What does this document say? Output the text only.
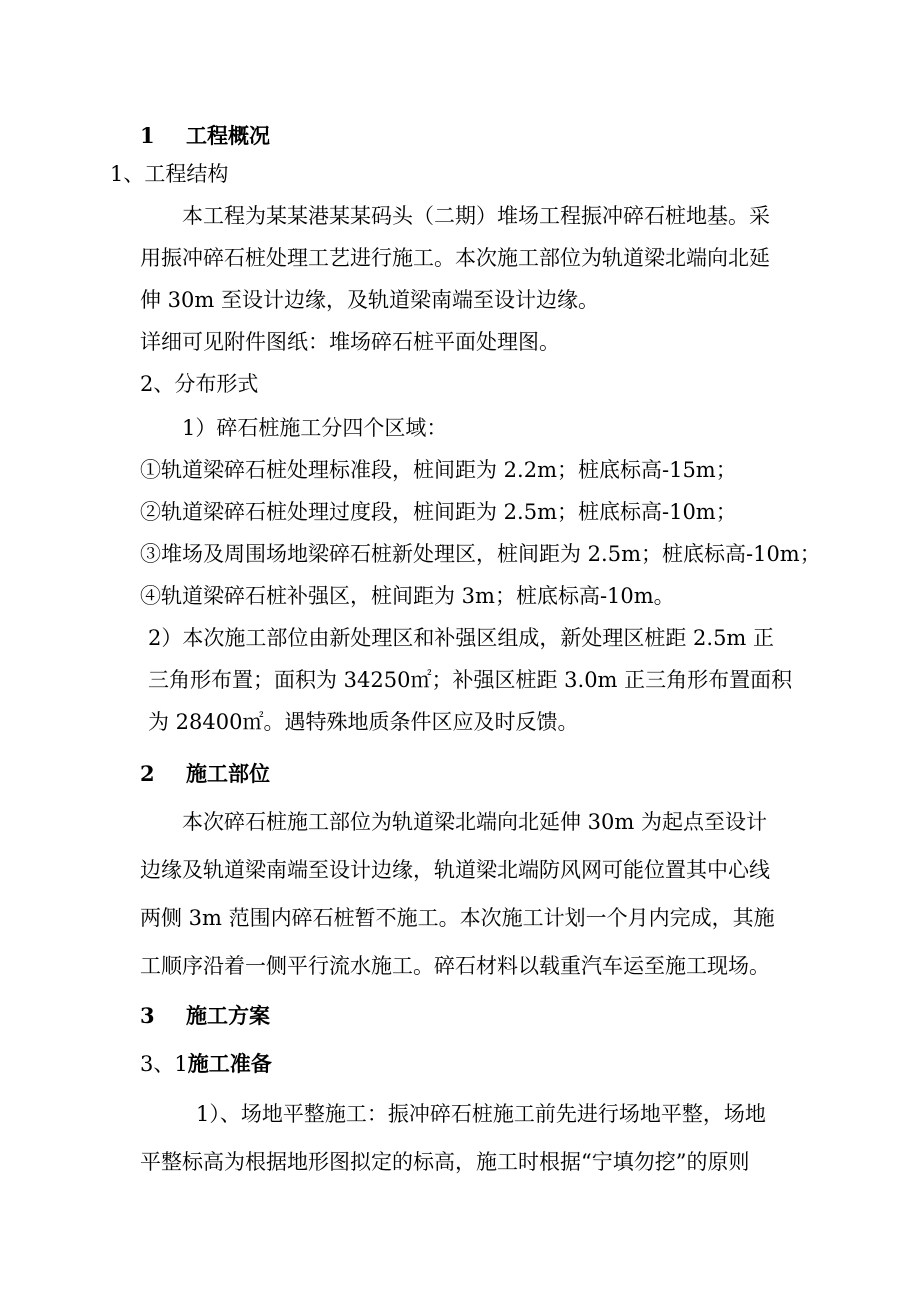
1 工程概况
1、工程结构
本工程为某某港某某码头（二期）堆场工程振冲碎石桩地基。采
用振冲碎石桩处理工艺进行施工。本次施工部位为轨道梁北端向北延
伸 30m 至设计边缘，及轨道梁南端至设计边缘。
详细可见附件图纸：堆场碎石桩平面处理图。
2、分布形式
1）碎石桩施工分四个区域：
①轨道梁碎石桩处理标准段，桩间距为 2.2m；桩底标高-15m；
②轨道梁碎石桩处理过度段，桩间距为 2.5m；桩底标高-10m；
③堆场及周围场地梁碎石桩新处理区，桩间距为 2.5m；桩底标高-10m；
④轨道梁碎石桩补强区，桩间距为 3m；桩底标高-10m。
2）本次施工部位由新处理区和补强区组成，新处理区桩距 2.5m 正
三角形布置；面积为 34250㎡；补强区桩距 3.0m 正三角形布置面积
为 28400㎡。遇特殊地质条件区应及时反馈。
2 施工部位
本次碎石桩施工部位为轨道梁北端向北延伸 30m 为起点至设计
边缘及轨道梁南端至设计边缘，轨道梁北端防风网可能位置其中心线
两侧 3m 范围内碎石桩暂不施工。本次施工计划一个月内完成，其施
工顺序沿着一侧平行流水施工。碎石材料以载重汽车运至施工现场。
3 施工方案
3、1施工准备
1）、场地平整施工：振冲碎石桩施工前先进行场地平整，场地
平整标高为根据地形图拟定的标高，施工时根据“宁填勿挖”的原则
